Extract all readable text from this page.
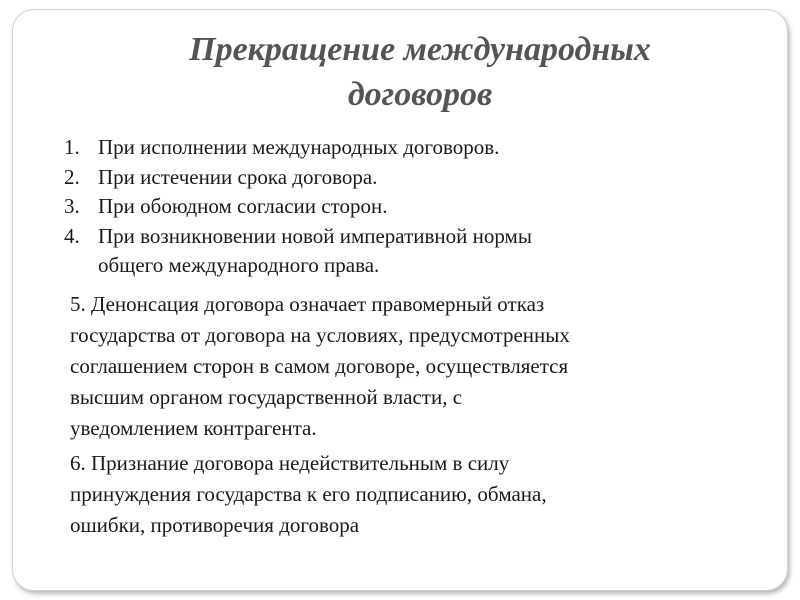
Прекращение международных
договоров
1. При исполнении международных договоров.
2. При истечении срока договора.
3. При обоюдном согласии сторон.
4. При возникновении новой императивной нормы
общего международного права.

5. Денонсация договора означает правомерный отказ
государства от договора на условиях, предусмотренных
соглашением сторон в самом договоре, осуществляется
высшим органом государственной власти, с
уведомлением контрагента.

6. Признание договора недействительным в силу
принуждения государства к его подписанию, обмана,
ошибки, противоречия договора
